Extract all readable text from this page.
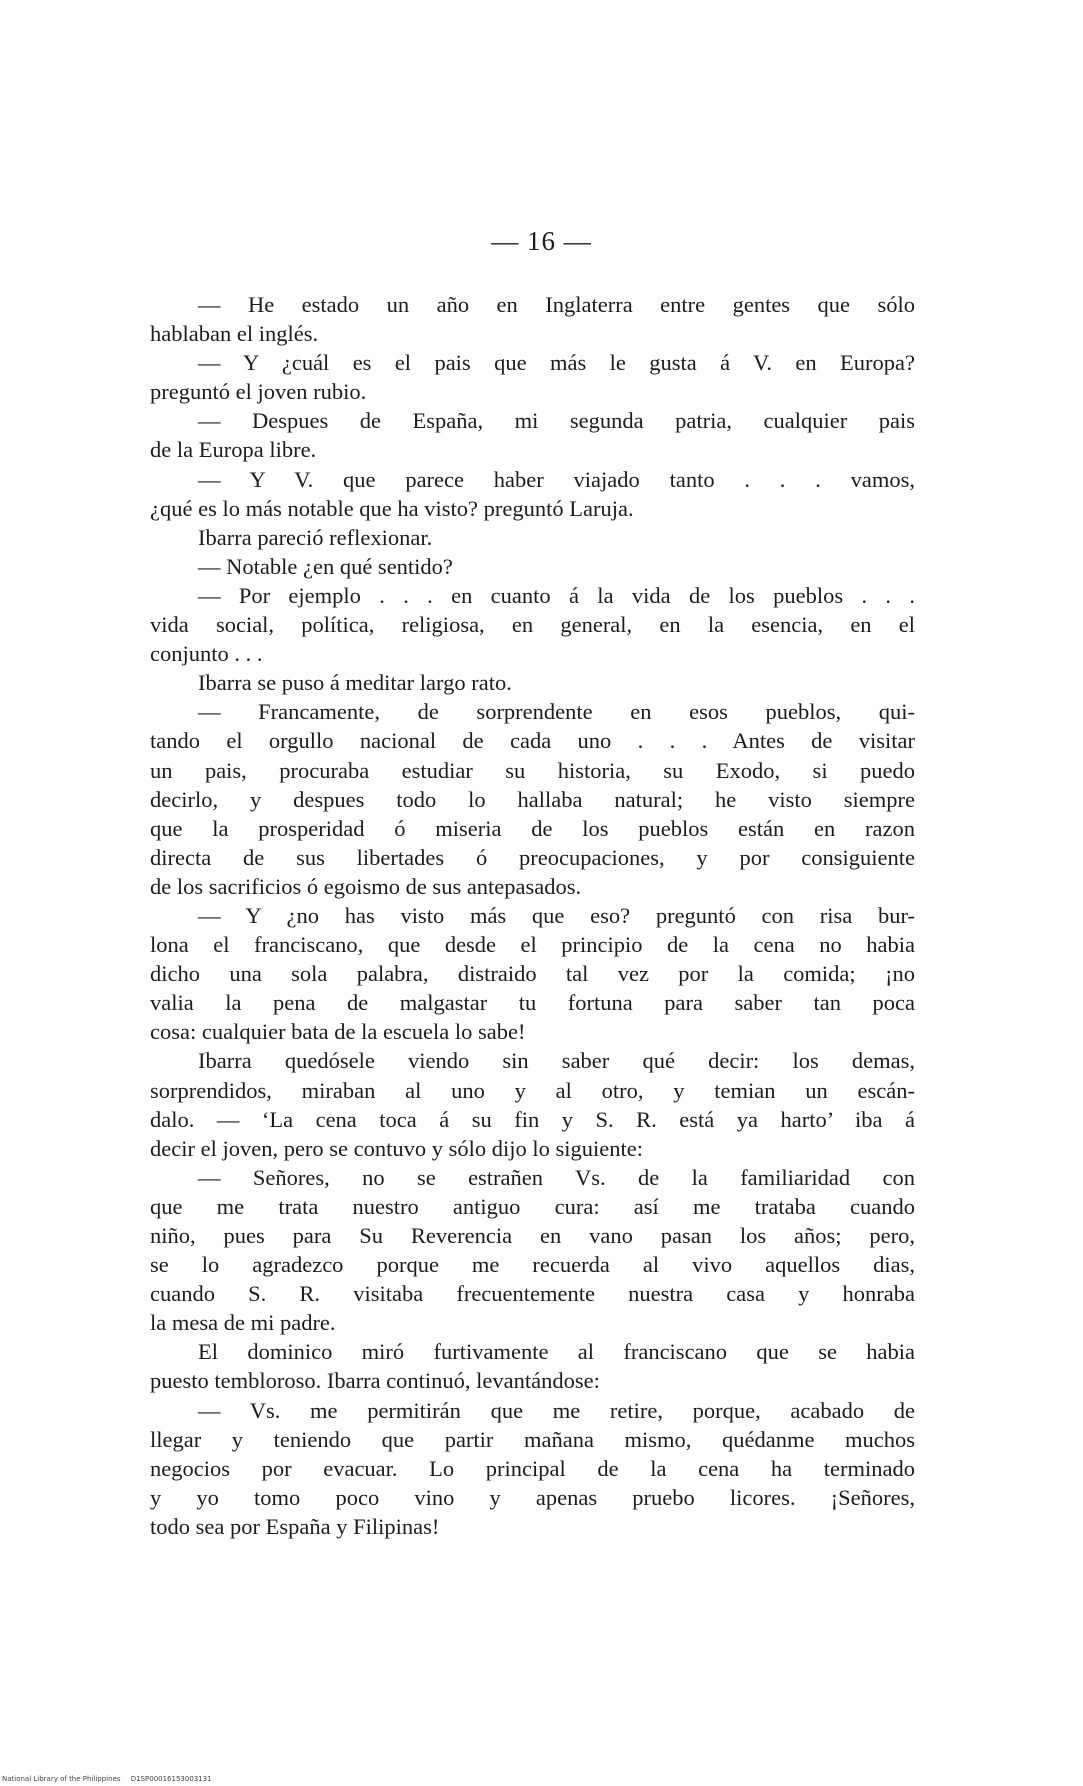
— 16 —
— He estado un año en Inglaterra entre gentes que sólo
hablaban el inglés.
— Y ¿cuál es el pais que más le gusta á V. en Europa?
preguntó el joven rubio.
— Despues de España, mi segunda patria, cualquier pais
de la Europa libre.
— Y V. que parece haber viajado tanto . . . vamos,
¿qué es lo más notable que ha visto? preguntó Laruja.
Ibarra pareció reflexionar.
— Notable ¿en qué sentido?
— Por ejemplo . . . en cuanto á la vida de los pueblos . . .
vida social, política, religiosa, en general, en la esencia, en el
conjunto . . .
Ibarra se puso á meditar largo rato.
— Francamente, de sorprendente en esos pueblos, qui-
tando el orgullo nacional de cada uno . . . Antes de visitar
un pais, procuraba estudiar su historia, su Exodo, si puedo
decirlo, y despues todo lo hallaba natural; he visto siempre
que la prosperidad ó miseria de los pueblos están en razon
directa de sus libertades ó preocupaciones, y por consiguiente
de los sacrificios ó egoismo de sus antepasados.
— Y ¿no has visto más que eso? preguntó con risa bur-
lona el franciscano, que desde el principio de la cena no habia
dicho una sola palabra, distraido tal vez por la comida; ¡no
valia la pena de malgastar tu fortuna para saber tan poca
cosa: cualquier bata de la escuela lo sabe!
Ibarra quedósele viendo sin saber qué decir: los demas,
sorprendidos, miraban al uno y al otro, y temian un escán-
dalo. — ‘La cena toca á su fin y S. R. está ya harto’ iba á
decir el joven, pero se contuvo y sólo dijo lo siguiente:
— Señores, no se estrañen Vs. de la familiaridad con
que me trata nuestro antiguo cura: así me trataba cuando
niño, pues para Su Reverencia en vano pasan los años; pero,
se lo agradezco porque me recuerda al vivo aquellos dias,
cuando S. R. visitaba frecuentemente nuestra casa y honraba
la mesa de mi padre.
El dominico miró furtivamente al franciscano que se habia
puesto tembloroso. Ibarra continuó, levantándose:
— Vs. me permitirán que me retire, porque, acabado de
llegar y teniendo que partir mañana mismo, quédanme muchos
negocios por evacuar. Lo principal de la cena ha terminado
y yo tomo poco vino y apenas pruebo licores. ¡Señores,
todo sea por España y Filipinas!
National Library of the Philippines D1SP00016153003131
